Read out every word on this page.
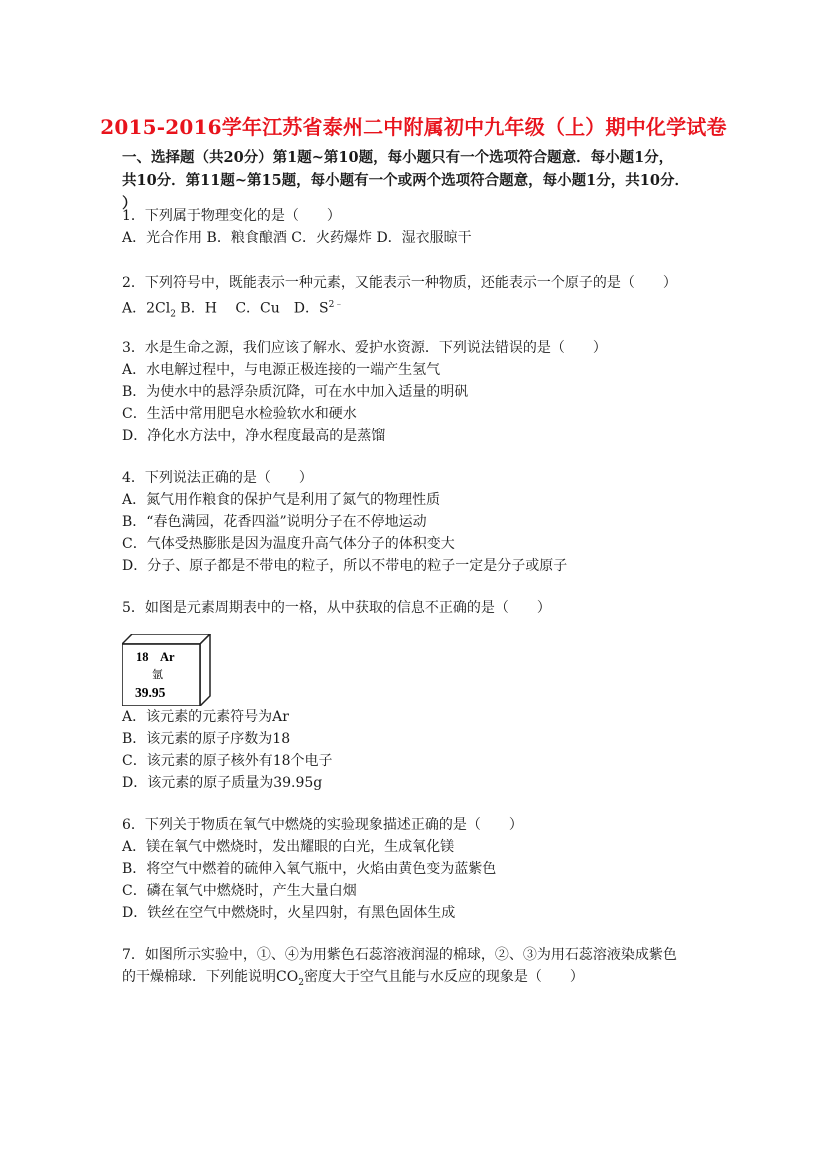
2015-2016学年江苏省泰州二中附属初中九年级（上）期中化学试卷
一、选择题（共20分）第1题~第10题，每小题只有一个选项符合题意．每小题1分，
共10分．第11题~第15题，每小题有一个或两个选项符合题意，每小题1分，共10分．
）
1．下列属于物理变化的是（　　）
A．光合作用 B．粮食酿酒 C．火药爆炸 D．湿衣服晾干
2．下列符号中，既能表示一种元素，又能表示一种物质，还能表示一个原子的是（　　）
A．$2Cl_2$ B．H　 C．Cu　D．$S^{2﹣}$
3．水是生命之源，我们应该了解水、爱护水资源．下列说法错误的是（　　）
A．水电解过程中，与电源正极连接的一端产生氢气
B．为使水中的悬浮杂质沉降，可在水中加入适量的明矾
C．生活中常用肥皂水检验软水和硬水
D．净化水方法中，净水程度最高的是蒸馏
4．下列说法正确的是（　　）
A．氮气用作粮食的保护气是利用了氮气的物理性质
B．“春色满园，花香四溢”说明分子在不停地运动
C．气体受热膨胀是因为温度升高气体分子的体积变大
D．分子、原子都是不带电的粒子，所以不带电的粒子一定是分子或原子
5．如图是元素周期表中的一格，从中获取的信息不正确的是（　　）
18 Ar
氩
39.95
A．该元素的元素符号为Ar
B．该元素的原子序数为18
C．该元素的原子核外有18个电子
D．该元素的原子质量为39.95g
6．下列关于物质在氧气中燃烧的实验现象描述正确的是（　　）
A．镁在氧气中燃烧时，发出耀眼的白光，生成氧化镁
B．将空气中燃着的硫伸入氧气瓶中，火焰由黄色变为蓝紫色
C．磷在氧气中燃烧时，产生大量白烟
D．铁丝在空气中燃烧时，火星四射，有黑色固体生成
7．如图所示实验中，①、④为用紫色石蕊溶液润湿的棉球，②、③为用石蕊溶液染成紫色
的干燥棉球．下列能说明$CO_2$密度大于空气且能与水反应的现象是（　　）
